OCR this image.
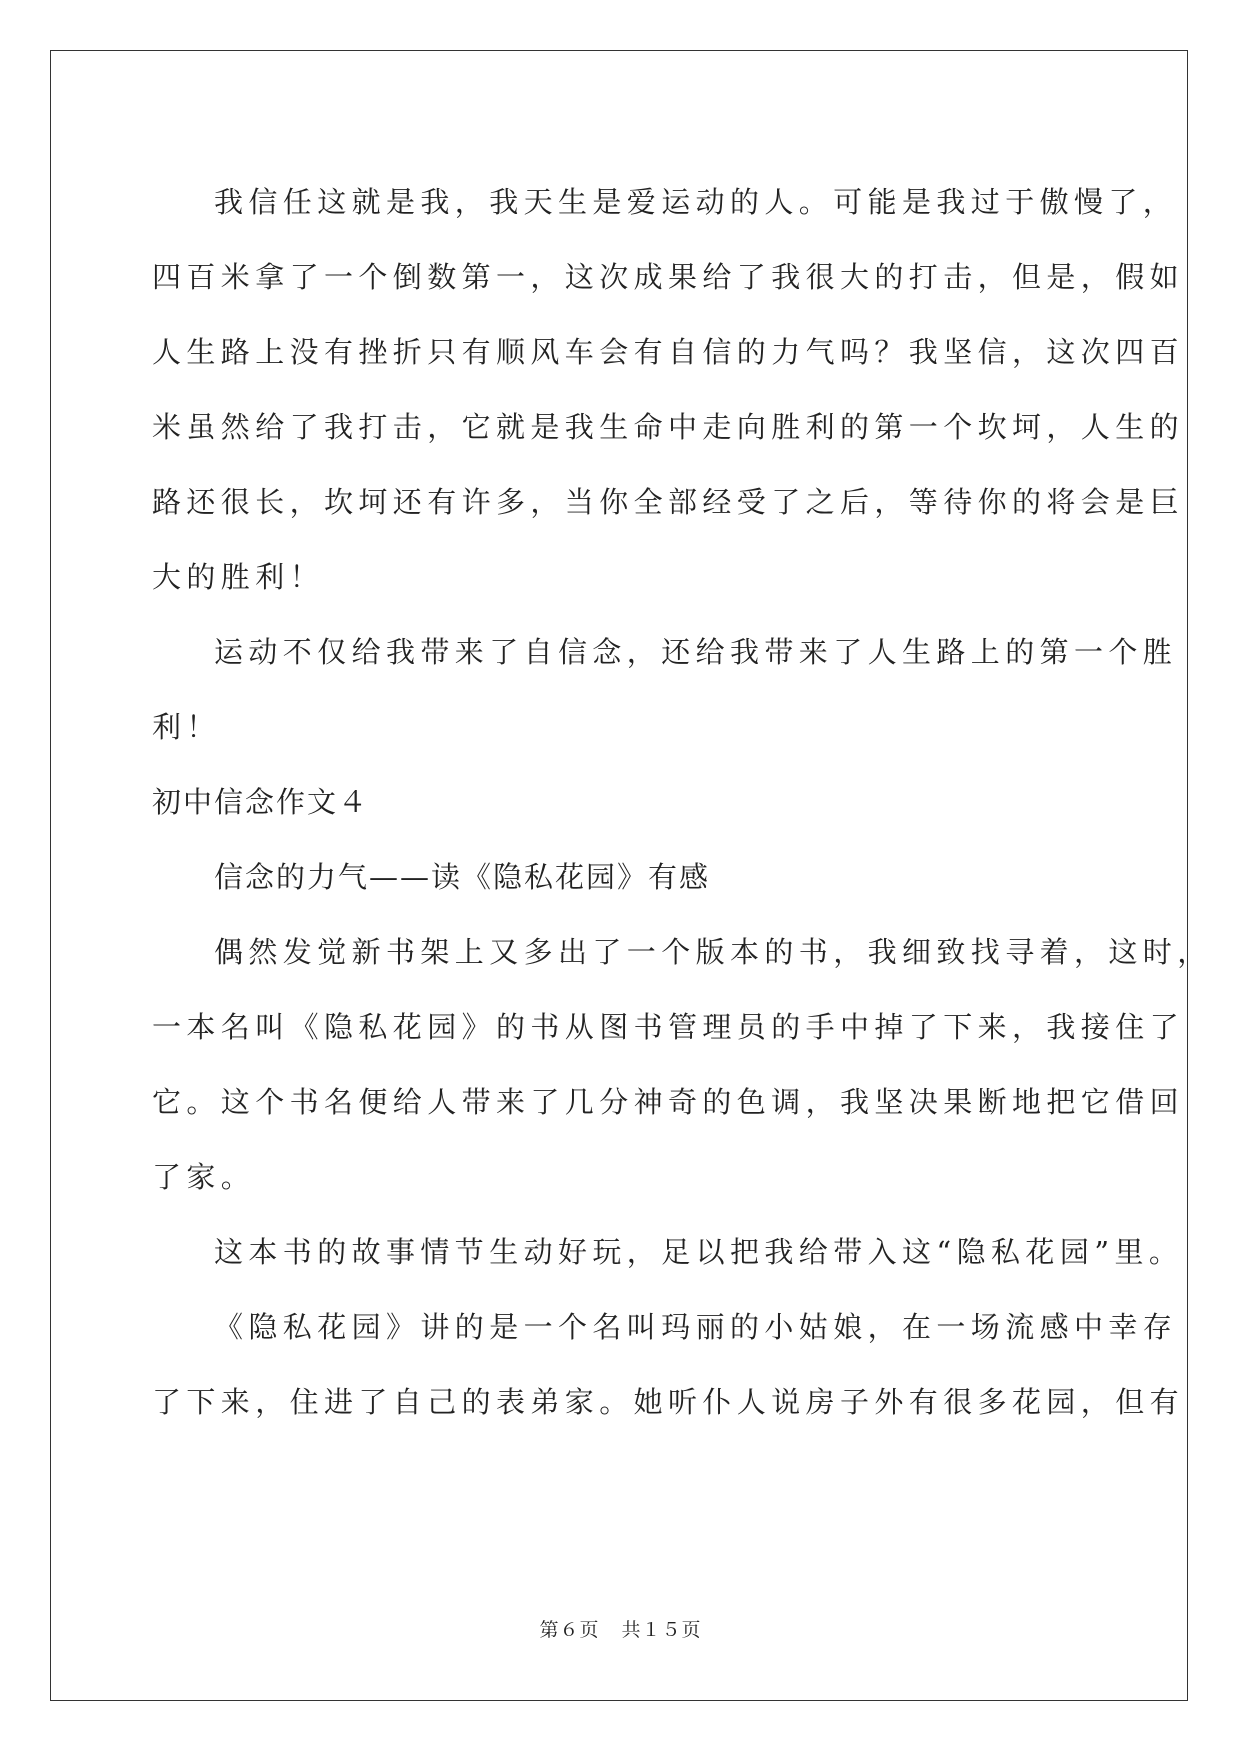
我信任这就是我，我天生是爱运动的人。可能是我过于傲慢了，
四百米拿了一个倒数第一，这次成果给了我很大的打击，但是，假如
人生路上没有挫折只有顺风车会有自信的力气吗？我坚信，这次四百
米虽然给了我打击，它就是我生命中走向胜利的第一个坎坷，人生的
路还很长，坎坷还有许多，当你全部经受了之后，等待你的将会是巨
大的胜利！
运动不仅给我带来了自信念，还给我带来了人生路上的第一个胜
利！
初中信念作文４
信念的力气——读《隐私花园》有感
偶然发觉新书架上又多出了一个版本的书，我细致找寻着，这时，
一本名叫《隐私花园》的书从图书管理员的手中掉了下来，我接住了
它。这个书名便给人带来了几分神奇的色调，我坚决果断地把它借回
了家。
这本书的故事情节生动好玩，足以把我给带入这“隐私花园”里。
《隐私花园》讲的是一个名叫玛丽的小姑娘，在一场流感中幸存
了下来，住进了自己的表弟家。她听仆人说房子外有很多花园，但有
第６页 共１５页
